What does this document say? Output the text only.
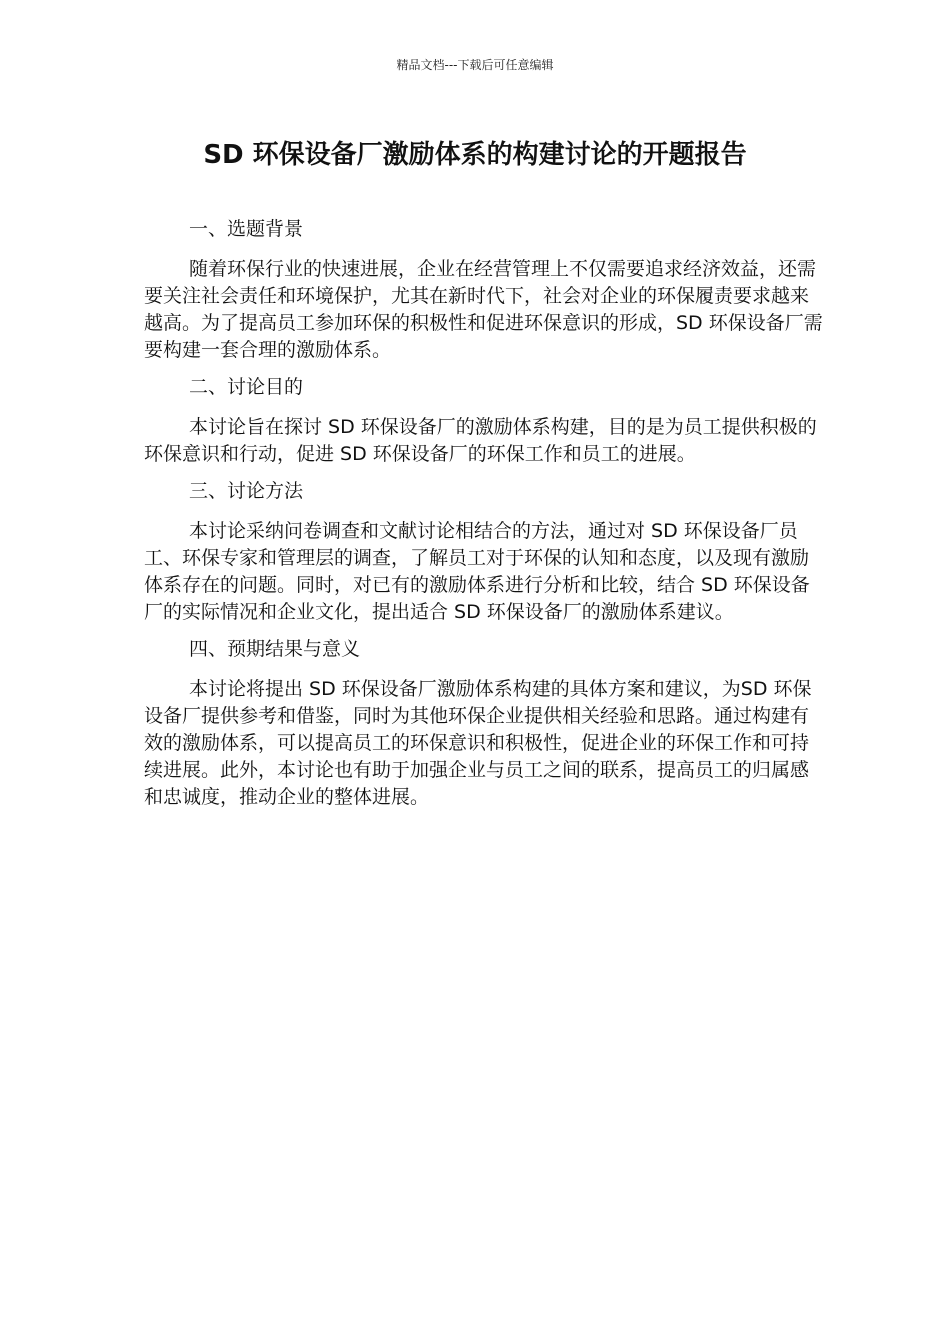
精品文档---下载后可任意编辑
SD 环保设备厂激励体系的构建讨论的开题报告

一、选题背景

随着环保行业的快速进展，企业在经营管理上不仅需要追求经济效益，还需要关注社会责任和环境保护，尤其在新时代下，社会对企业的环保履责要求越来越高。为了提高员工参加环保的积极性和促进环保意识的形成，SD 环保设备厂需要构建一套合理的激励体系。

二、讨论目的

本讨论旨在探讨 SD 环保设备厂的激励体系构建，目的是为员工提供积极的环保意识和行动，促进 SD 环保设备厂的环保工作和员工的进展。

三、讨论方法

本讨论采纳问卷调查和文献讨论相结合的方法，通过对 SD 环保设备厂员工、环保专家和管理层的调查，了解员工对于环保的认知和态度，以及现有激励体系存在的问题。同时，对已有的激励体系进行分析和比较，结合 SD 环保设备厂的实际情况和企业文化，提出适合 SD 环保设备厂的激励体系建议。

四、预期结果与意义

本讨论将提出 SD 环保设备厂激励体系构建的具体方案和建议，为SD 环保设备厂提供参考和借鉴，同时为其他环保企业提供相关经验和思路。通过构建有效的激励体系，可以提高员工的环保意识和积极性，促进企业的环保工作和可持续进展。此外，本讨论也有助于加强企业与员工之间的联系，提高员工的归属感和忠诚度，推动企业的整体进展。
